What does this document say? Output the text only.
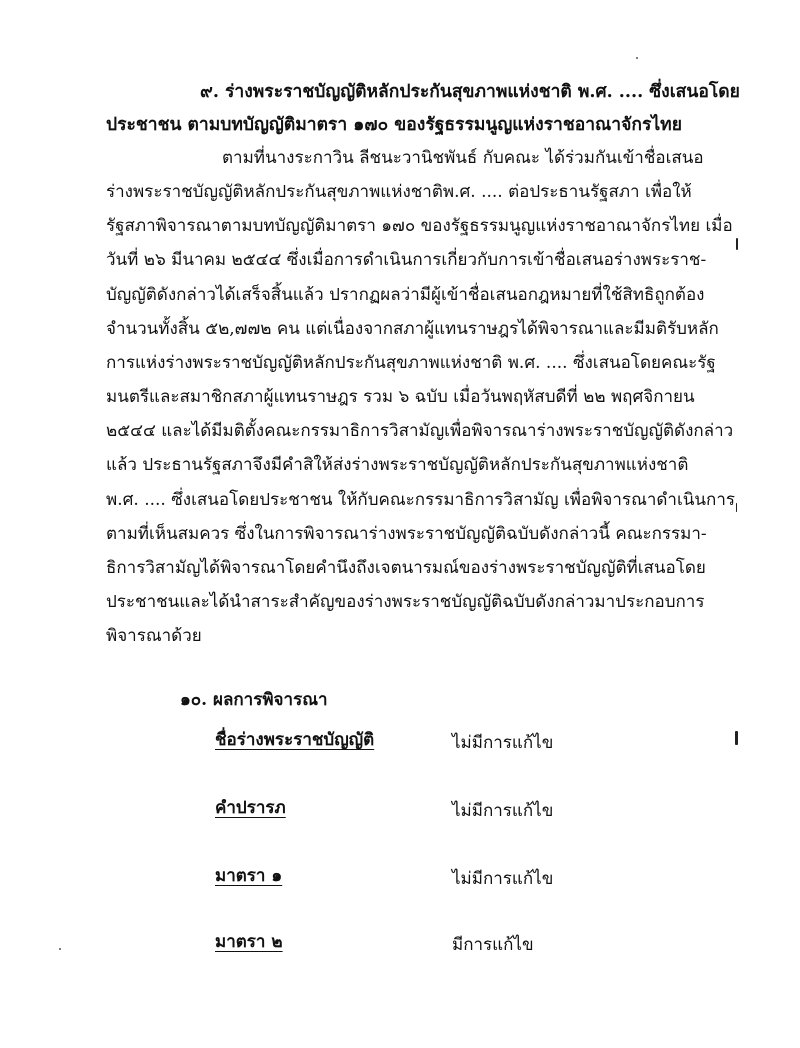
๙. ร่างพระราชบัญญัติหลักประกันสุขภาพแห่งชาติ พ.ศ. .... ซึ่งเสนอโดย
ประชาชน ตามบทบัญญัติมาตรา ๑๗๐ ของรัฐธรรมนูญแห่งราชอาณาจักรไทย
ตามที่นางระกาวิน ลีชนะวานิชพันธ์ กับคณะ ได้ร่วมกันเข้าชื่อเสนอ
ร่างพระราชบัญญัติหลักประกันสุขภาพแห่งชาติพ.ศ. .... ต่อประธานรัฐสภา เพื่อให้
รัฐสภาพิจารณาตามบทบัญญัติมาตรา ๑๗๐ ของรัฐธรรมนูญแห่งราชอาณาจักรไทย เมื่อ
วันที่ ๒๖ มีนาคม ๒๕๔๔ ซึ่งเมื่อการดำเนินการเกี่ยวกับการเข้าชื่อเสนอร่างพระราช-
บัญญัติดังกล่าวได้เสร็จสิ้นแล้ว ปรากฏผลว่ามีผู้เข้าชื่อเสนอกฎหมายที่ใช้สิทธิถูกต้อง
จำนวนทั้งสิ้น ๕๒,๗๗๒ คน แต่เนื่องจากสภาผู้แทนราษฎรได้พิจารณาและมีมติรับหลัก
การแห่งร่างพระราชบัญญัติหลักประกันสุขภาพแห่งชาติ พ.ศ. .... ซึ่งเสนอโดยคณะรัฐ
มนตรีและสมาชิกสภาผู้แทนราษฎร รวม ๖ ฉบับ เมื่อวันพฤหัสบดีที่ ๒๒ พฤศจิกายน
๒๕๔๔ และได้มีมติตั้งคณะกรรมาธิการวิสามัญเพื่อพิจารณาร่างพระราชบัญญัติดังกล่าว
แล้ว ประธานรัฐสภาจึงมีคำสิให้ส่งร่างพระราชบัญญัติหลักประกันสุขภาพแห่งชาติ
พ.ศ. .... ซึ่งเสนอโดยประชาชน ให้กับคณะกรรมาธิการวิสามัญ เพื่อพิจารณาดำเนินการ
ตามที่เห็นสมควร ซึ่งในการพิจารณาร่างพระราชบัญญัติฉบับดังกล่าวนี้ คณะกรรมา-
ธิการวิสามัญได้พิจารณาโดยคำนึงถึงเจตนารมณ์ของร่างพระราชบัญญัติที่เสนอโดย
ประชาชนและได้นำสาระสำคัญของร่างพระราชบัญญัติฉบับดังกล่าวมาประกอบการ
พิจารณาด้วย
๑๐. ผลการพิจารณา
ชื่อร่างพระราชบัญญัติ	ไม่มีการแก้ไข
คำปรารภ	ไม่มีการแก้ไข
มาตรา ๑	ไม่มีการแก้ไข
มาตรา ๒	มีการแก้ไข
